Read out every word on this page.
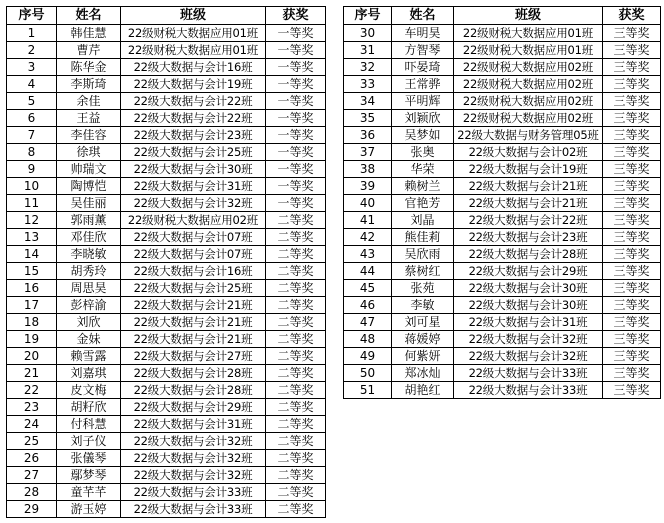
序号	姓名	班级	获奖
1	韩佳慧	22级财税大数据应用01班	一等奖
2	曹芹	22级财税大数据应用01班	一等奖
3	陈华金	22级大数据与会计16班	一等奖
4	李斯琦	22级大数据与会计19班	一等奖
5	余佳	22级大数据与会计22班	一等奖
6	王益	22级大数据与会计22班	一等奖
7	李佳容	22级大数据与会计23班	一等奖
8	徐琪	22级大数据与会计25班	一等奖
9	帅瑞文	22级大数据与会计30班	一等奖
10	陶博恺	22级大数据与会计31班	一等奖
11	吴佳丽	22级大数据与会计32班	一等奖
12	郭雨薰	22级财税大数据应用02班	二等奖
13	邓佳欣	22级大数据与会计07班	二等奖
14	李晓敏	22级大数据与会计07班	二等奖
15	胡秀玲	22级大数据与会计16班	二等奖
16	周思昊	22级大数据与会计25班	二等奖
17	彭梓渝	22级大数据与会计21班	二等奖
18	刘欣	22级大数据与会计21班	二等奖
19	金妹	22级大数据与会计21班	二等奖
20	赖雪露	22级大数据与会计27班	二等奖
21	刘嘉琪	22级大数据与会计28班	二等奖
22	皮文梅	22级大数据与会计28班	二等奖
23	胡籽欣	22级大数据与会计29班	二等奖
24	付科慧	22级大数据与会计31班	二等奖
25	刘子仪	22级大数据与会计32班	二等奖
26	张儀琴	22级大数据与会计32班	二等奖
27	鄢梦琴	22级大数据与会计32班	二等奖
28	童芊芊	22级大数据与会计33班	二等奖
29	游玉婷	22级大数据与会计33班	二等奖
序号	姓名	班级	获奖
30	车明昊	22级财税大数据应用01班	三等奖
31	方智琴	22级财税大数据应用01班	三等奖
32	吓晏琦	22级财税大数据应用02班	三等奖
33	王常骅	22级财税大数据应用02班	三等奖
34	平明辉	22级财税大数据应用02班	三等奖
35	刘颖欣	22级财税大数据应用02班	三等奖
36	吴梦如	22级大数据与财务管理05班	三等奖
37	张奥	22级大数据与会计02班	三等奖
38	华荣	22级大数据与会计19班	三等奖
39	赖树兰	22级大数据与会计21班	三等奖
40	官艳芳	22级大数据与会计21班	三等奖
41	刘晶	22级大数据与会计22班	三等奖
42	熊佳莉	22级大数据与会计23班	三等奖
43	吴欣雨	22级大数据与会计28班	三等奖
44	蔡树红	22级大数据与会计29班	三等奖
45	张苑	22级大数据与会计30班	三等奖
46	李敏	22级大数据与会计30班	三等奖
47	刘可星	22级大数据与会计31班	三等奖
48	蒋媛婷	22级大数据与会计32班	三等奖
49	何紫妍	22级大数据与会计32班	三等奖
50	郑冰灿	22级大数据与会计33班	三等奖
51	胡艳红	22级大数据与会计33班	三等奖
